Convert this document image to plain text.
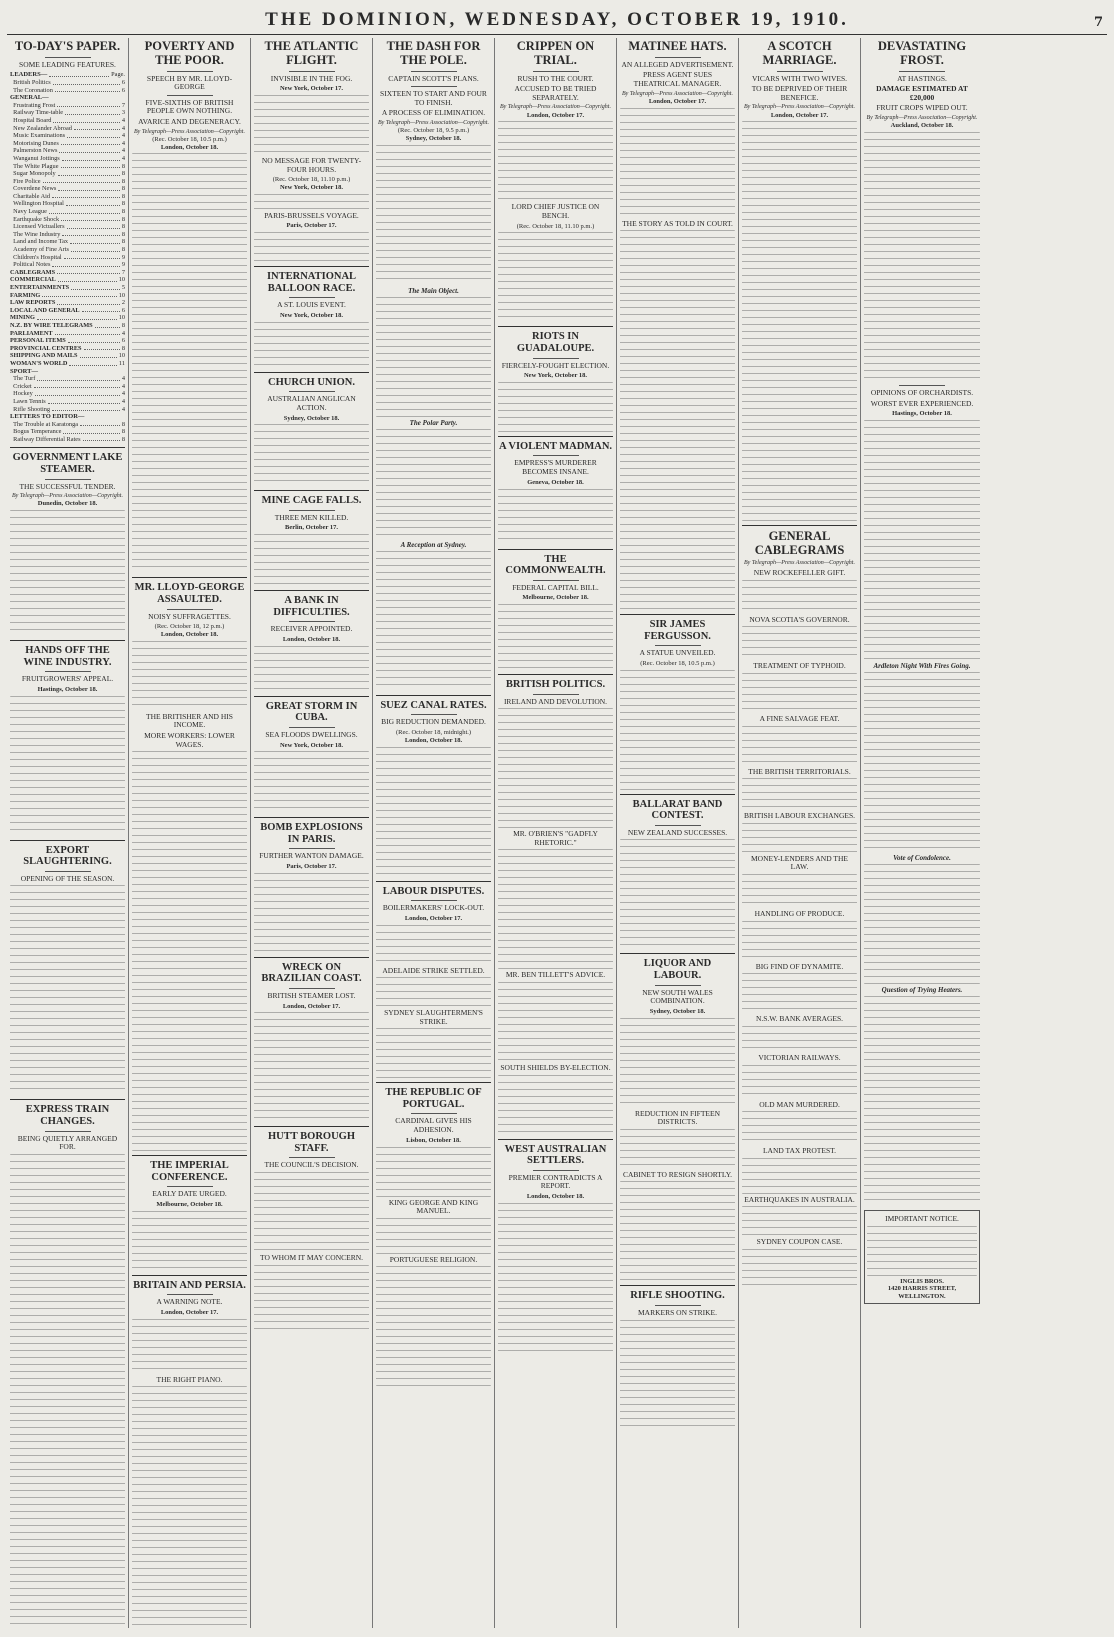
THE DOMINION, WEDNESDAY, OCTOBER 19, 1910.	7
TO-DAY'S PAPER.
SOME LEADING FEATURES.
LEADERS—	Page.
British Politics	6
The Coronation	6
GENERAL—
Frustrating Frost	7
Railway Time-table	3
Hospital Board	4
New Zealander Abroad	4
Music Examinations	4
Motorising Dunes	4
Palmerston News	4
Wanganui Jottings	4
The White Plague	8
Sugar Monopoly	8
Fire Police	8
Coverdene News	8
Charitable Aid	8
Wellington Hospital	8
Navy League	8
Earthquake Shock	8
Licensed Victuallers	8
The Wine Industry	8
Land and Income Tax	8
Academy of Fine Arts	8
Children's Hospital	9
Political Notes	9
CABLEGRAMS	7
COMMERCIAL	10
ENTERTAINMENTS	5
FARMING	10
LAW REPORTS	2
LOCAL AND GENERAL	6
MINING	10
N.Z. BY WIRE TELEGRAMS	8
PARLIAMENT	4
PERSONAL ITEMS	6
PROVINCIAL CENTRES	8
SHIPPING AND MAILS	10
WOMAN'S WORLD	11
SPORT—
The Turf	4
Cricket	4
Hockey	4
Lawn Tennis	4
Rifle Shooting	4
LETTERS TO EDITOR—
The Trouble at Karatonga	8
Bogus Temperance	8
Railway Differential Rates	8
GOVERNMENT LAKE STEAMER.
THE SUCCESSFUL TENDER.
By Telegraph—Press Association—Copyright.
Dunedin, October 18.
HANDS OFF THE WINE INDUSTRY.
FRUITGROWERS' APPEAL.
Hastings, October 18.
EXPORT SLAUGHTERING.
OPENING OF THE SEASON.
EXPRESS TRAIN CHANGES.
BEING QUIETLY ARRANGED FOR.
POVERTY AND THE POOR.
SPEECH BY MR. LLOYD-GEORGE
FIVE-SIXTHS OF BRITISH PEOPLE OWN NOTHING.
AVARICE AND DEGENERACY.
By Telegraph—Press Association—Copyright.
(Rec. October 18, 10.5 p.m.)
London, October 18.
MR. LLOYD-GEORGE ASSAULTED.
NOISY SUFFRAGETTES.
(Rec. October 18, 12 p.m.)
London, October 18.
THE BRITISHER AND HIS INCOME.
MORE WORKERS: LOWER WAGES.
THE IMPERIAL CONFERENCE.
EARLY DATE URGED.
Melbourne, October 18.
BRITAIN AND PERSIA.
A WARNING NOTE.
London, October 17.
THE RIGHT PIANO.
THE ATLANTIC FLIGHT.
INVISIBLE IN THE FOG.
New York, October 17.
NO MESSAGE FOR TWENTY-FOUR HOURS.
(Rec. October 18, 11.10 p.m.)
New York, October 18.
PARIS-BRUSSELS VOYAGE.
Paris, October 17.
INTERNATIONAL BALLOON RACE.
A ST. LOUIS EVENT.
New York, October 18.
CHURCH UNION.
AUSTRALIAN ANGLICAN ACTION.
Sydney, October 18.
MINE CAGE FALLS.
THREE MEN KILLED.
Berlin, October 17.
A BANK IN DIFFICULTIES.
RECEIVER APPOINTED.
London, October 18.
GREAT STORM IN CUBA.
SEA FLOODS DWELLINGS.
New York, October 18.
BOMB EXPLOSIONS IN PARIS.
FURTHER WANTON DAMAGE.
Paris, October 17.
WRECK ON BRAZILIAN COAST.
BRITISH STEAMER LOST.
London, October 17.
HUTT BOROUGH STAFF.
THE COUNCIL'S DECISION.
TO WHOM IT MAY CONCERN.
THE DASH FOR THE POLE.
CAPTAIN SCOTT'S PLANS.
SIXTEEN TO START AND FOUR TO FINISH.
A PROCESS OF ELIMINATION.
By Telegraph—Press Association—Copyright.
(Rec. October 18, 9.5 p.m.)
Sydney, October 18.
The Main Object.
The Polar Party.
A Reception at Sydney.
SUEZ CANAL RATES.
BIG REDUCTION DEMANDED.
(Rec. October 18, midnight.)
London, October 18.
LABOUR DISPUTES.
BOILERMAKERS' LOCK-OUT.
London, October 17.
ADELAIDE STRIKE SETTLED.
SYDNEY SLAUGHTERMEN'S STRIKE.
THE REPUBLIC OF PORTUGAL.
CARDINAL GIVES HIS ADHESION.
Lisbon, October 18.
KING GEORGE AND KING MANUEL.
PORTUGUESE RELIGION.
CRIPPEN ON TRIAL.
RUSH TO THE COURT.
ACCUSED TO BE TRIED SEPARATELY.
By Telegraph—Press Association—Copyright.
London, October 17.
LORD CHIEF JUSTICE ON BENCH.
(Rec. October 18, 11.10 p.m.)
RIOTS IN GUADALOUPE.
FIERCELY-FOUGHT ELECTION.
New York, October 18.
A VIOLENT MADMAN.
EMPRESS'S MURDERER BECOMES INSANE.
Geneva, October 18.
THE COMMONWEALTH.
FEDERAL CAPITAL BILL.
Melbourne, October 18.
BRITISH POLITICS.
IRELAND AND DEVOLUTION.
MR. O'BRIEN'S "GADFLY RHETORIC."
MR. BEN TILLETT'S ADVICE.
SOUTH SHIELDS BY-ELECTION.
WEST AUSTRALIAN SETTLERS.
PREMIER CONTRADICTS A REPORT.
London, October 18.
MATINEE HATS.
AN ALLEGED ADVERTISEMENT.
PRESS AGENT SUES THEATRICAL MANAGER.
By Telegraph—Press Association—Copyright.
London, October 17.
THE STORY AS TOLD IN COURT.
SIR JAMES FERGUSSON.
A STATUE UNVEILED.
(Rec. October 18, 10.5 p.m.)
BALLARAT BAND CONTEST.
NEW ZEALAND SUCCESSES.
LIQUOR AND LABOUR.
NEW SOUTH WALES COMBINATION.
Sydney, October 18.
REDUCTION IN FIFTEEN DISTRICTS.
CABINET TO RESIGN SHORTLY.
RIFLE SHOOTING.
MARKERS ON STRIKE.
A SCOTCH MARRIAGE.
VICARS WITH TWO WIVES.
TO BE DEPRIVED OF THEIR BENEFICE.
By Telegraph—Press Association—Copyright.
London, October 17.
GENERAL CABLEGRAMS
By Telegraph—Press Association—Copyright.
NEW ROCKEFELLER GIFT.
NOVA SCOTIA'S GOVERNOR.
TREATMENT OF TYPHOID.
A FINE SALVAGE FEAT.
THE BRITISH TERRITORIALS.
BRITISH LABOUR EXCHANGES.
MONEY-LENDERS AND THE LAW.
HANDLING OF PRODUCE.
BIG FIND OF DYNAMITE.
N.S.W. BANK AVERAGES.
VICTORIAN RAILWAYS.
OLD MAN MURDERED.
LAND TAX PROTEST.
EARTHQUAKES IN AUSTRALIA.
SYDNEY COUPON CASE.
DEVASTATING FROST.
AT HASTINGS.
DAMAGE ESTIMATED AT £20,000
FRUIT CROPS WIPED OUT.
By Telegraph—Press Association—Copyright.
Auckland, October 18.
OPINIONS OF ORCHARDISTS.
WORST EVER EXPERIENCED.
Hastings, October 18.
Ardleton Night With Fires Going.
Vote of Condolence.
Question of Trying Heaters.
IMPORTANT NOTICE.
INGLIS BROS.
1420 HARRIS STREET, WELLINGTON.
